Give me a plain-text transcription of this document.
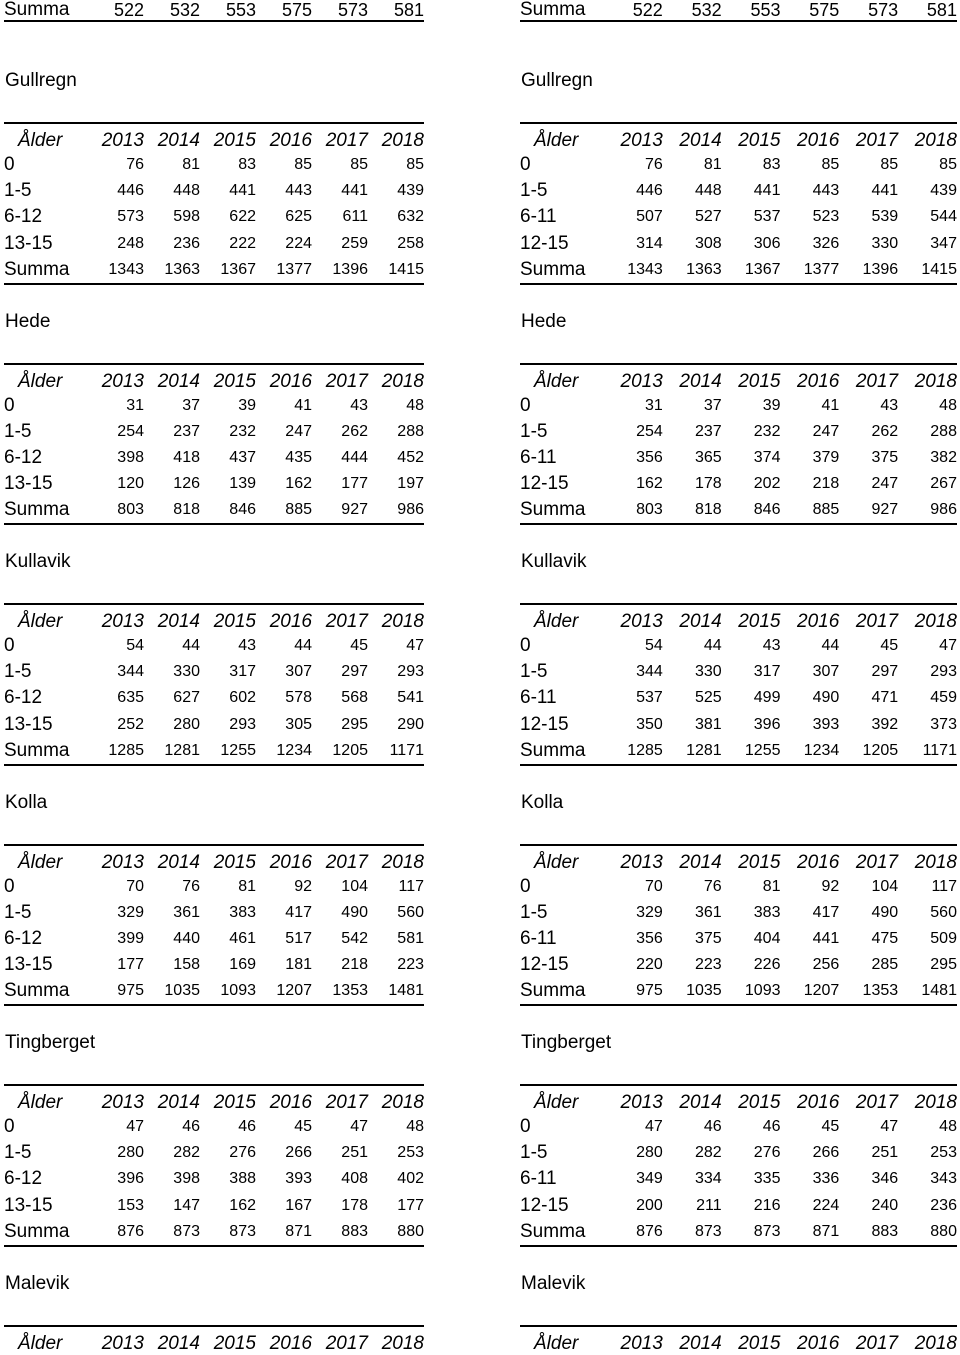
Summa	522	532	553	575	573	581
Gullregn
Ålder	2013 2014 2015 2016 2017 2018
0	76	81	83	85	85	85
1-5	446	448	441	443	441	439
6-12	573	598	622	625	611	632
13-15	248	236	222	224	259	258
Summa	1343	1363	1367	1377	1396	1415
Hede
Ålder	2013 2014 2015 2016 2017 2018
0	31	37	39	41	43	48
1-5	254	237	232	247	262	288
6-12	398	418	437	435	444	452
13-15	120	126	139	162	177	197
Summa	803	818	846	885	927	986
Kullavik
Ålder	2013 2014 2015 2016 2017 2018
0	54	44	43	44	45	47
1-5	344	330	317	307	297	293
6-12	635	627	602	578	568	541
13-15	252	280	293	305	295	290
Summa	1285	1281	1255	1234	1205	1171
Kolla
Ålder	2013 2014 2015 2016 2017 2018
0	70	76	81	92	104	117
1-5	329	361	383	417	490	560
6-12	399	440	461	517	542	581
13-15	177	158	169	181	218	223
Summa	975	1035	1093	1207	1353	1481
Tingberget
Ålder	2013 2014 2015 2016 2017 2018
0	47	46	46	45	47	48
1-5	280	282	276	266	251	253
6-12	396	398	388	393	408	402
13-15	153	147	162	167	178	177
Summa	876	873	873	871	883	880
Malevik
Ålder	2013 2014 2015 2016 2017 2018
Summa	522	532	553	575	573	581
Gullregn
Ålder	2013 2014 2015 2016 2017 2018
0	76	81	83	85	85	85
1-5	446	448	441	443	441	439
6-11	507	527	537	523	539	544
12-15	314	308	306	326	330	347
Summa	1343	1363	1367	1377	1396	1415
Hede
Ålder	2013 2014 2015 2016 2017 2018
0	31	37	39	41	43	48
1-5	254	237	232	247	262	288
6-11	356	365	374	379	375	382
12-15	162	178	202	218	247	267
Summa	803	818	846	885	927	986
Kullavik
Ålder	2013 2014 2015 2016 2017 2018
0	54	44	43	44	45	47
1-5	344	330	317	307	297	293
6-11	537	525	499	490	471	459
12-15	350	381	396	393	392	373
Summa	1285	1281	1255	1234	1205	1171
Kolla
Ålder	2013 2014 2015 2016 2017 2018
0	70	76	81	92	104	117
1-5	329	361	383	417	490	560
6-11	356	375	404	441	475	509
12-15	220	223	226	256	285	295
Summa	975	1035	1093	1207	1353	1481
Tingberget
Ålder	2013 2014 2015 2016 2017 2018
0	47	46	46	45	47	48
1-5	280	282	276	266	251	253
6-11	349	334	335	336	346	343
12-15	200	211	216	224	240	236
Summa	876	873	873	871	883	880
Malevik
Ålder	2013 2014 2015 2016 2017 2018
